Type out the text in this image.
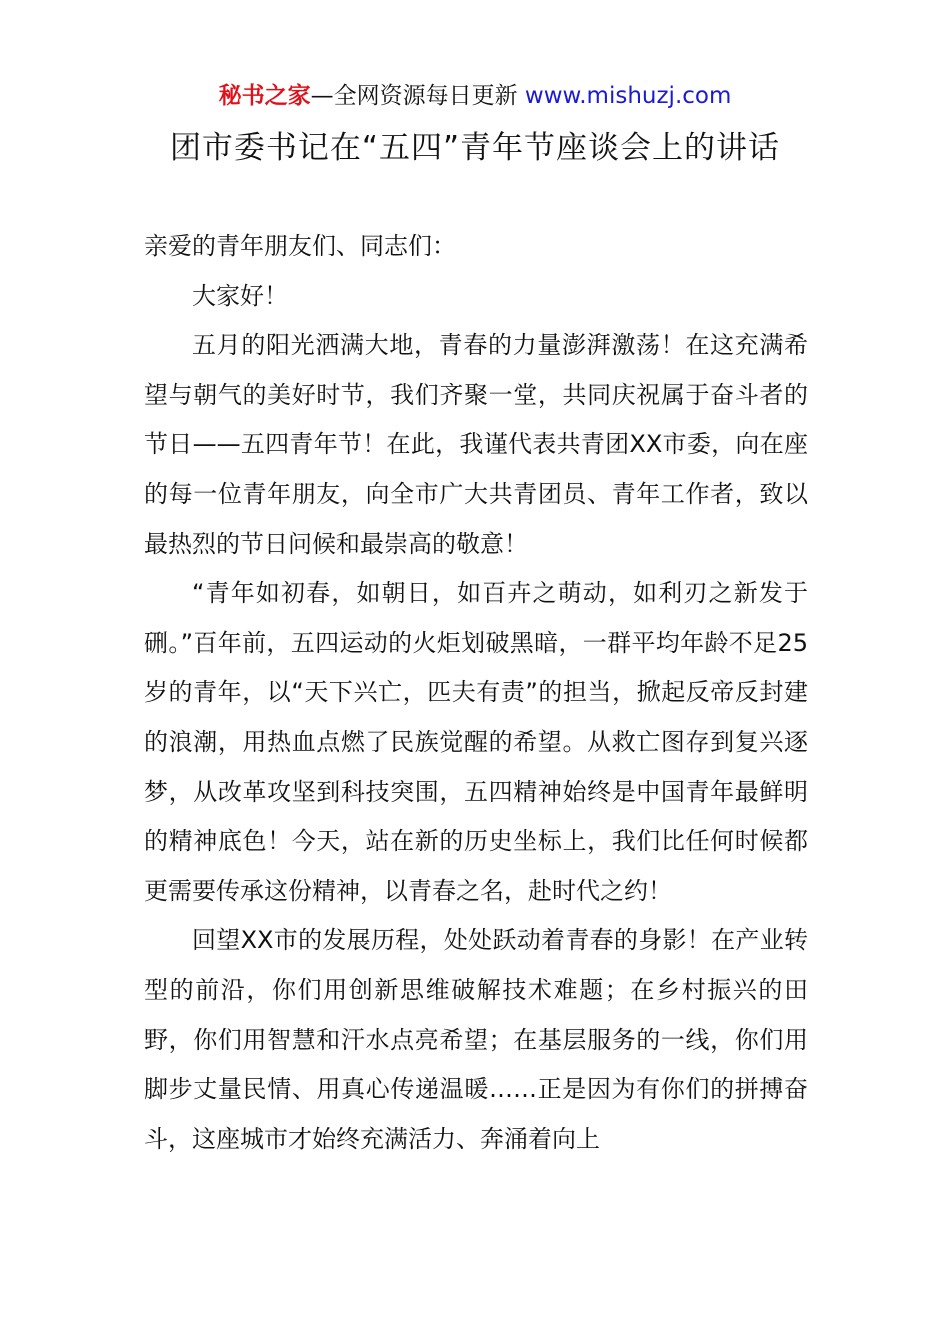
秘书之家—全网资源每日更新 www.mishuzj.com
团市委书记在“五四”青年节座谈会上的讲话

亲爱的青年朋友们、同志们：

大家好！

五月的阳光洒满大地，青春的力量澎湃激荡！在这充满希望与朝气的美好时节，我们齐聚一堂，共同庆祝属于奋斗者的节日——五四青年节！在此，我谨代表共青团XX市委，向在座的每一位青年朋友，向全市广大共青团员、青年工作者，致以最热烈的节日问候和最崇高的敬意！

“青年如初春，如朝日，如百卉之萌动，如利刃之新发于硎。”百年前，五四运动的火炬划破黑暗，一群平均年龄不足25岁的青年，以“天下兴亡，匹夫有责”的担当，掀起反帝反封建的浪潮，用热血点燃了民族觉醒的希望。从救亡图存到复兴逐梦，从改革攻坚到科技突围，五四精神始终是中国青年最鲜明的精神底色！今天，站在新的历史坐标上，我们比任何时候都更需要传承这份精神，以青春之名，赴时代之约！

回望XX市的发展历程，处处跃动着青春的身影！在产业转型的前沿，你们用创新思维破解技术难题；在乡村振兴的田野，你们用智慧和汗水点亮希望；在基层服务的一线，你们用脚步丈量民情、用真心传递温暖……正是因为有你们的拼搏奋斗，这座城市才始终充满活力、奔涌着向上
